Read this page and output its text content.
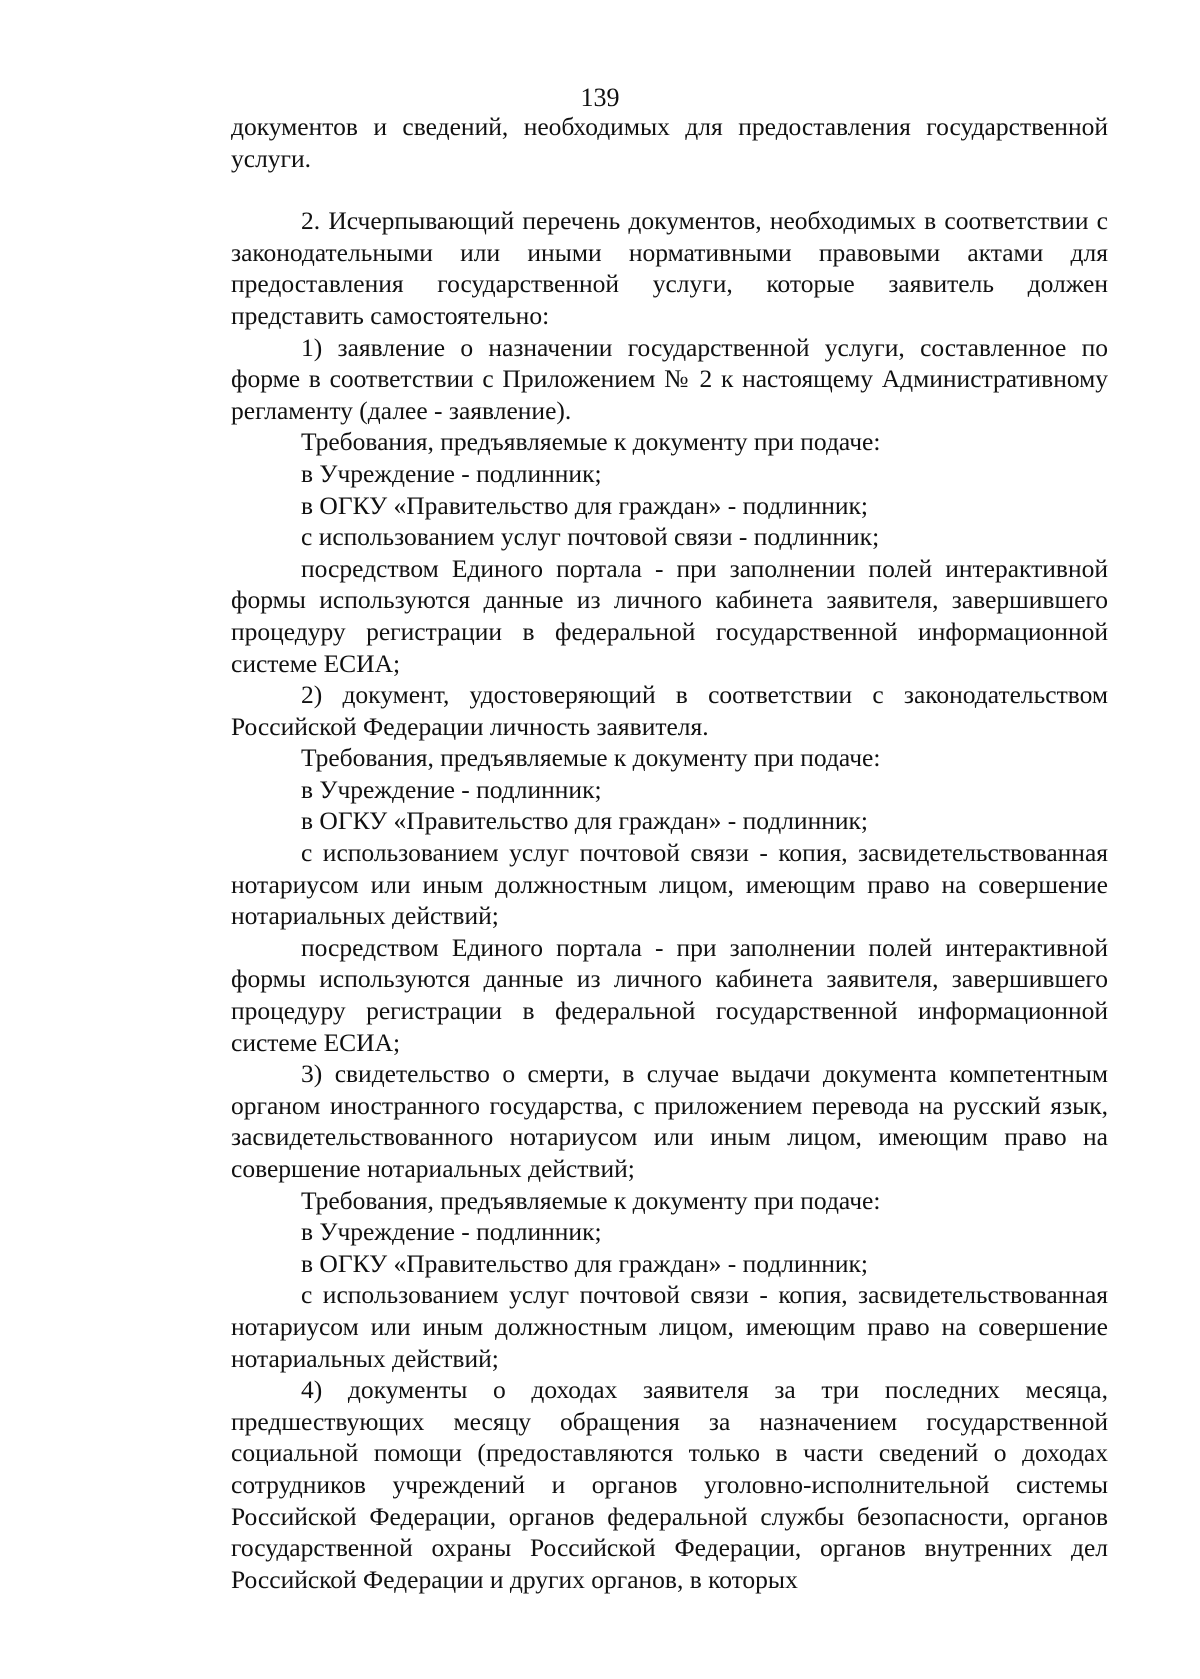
139

документов и сведений, необходимых для предоставления государственной услуги.

2. Исчерпывающий перечень документов, необходимых в соответствии с законодательными или иными нормативными правовыми актами для предоставления государственной услуги, которые заявитель должен представить самостоятельно:

1) заявление о назначении государственной услуги, составленное по форме в соответствии с Приложением № 2 к настоящему Административному регламенту (далее - заявление).

Требования, предъявляемые к документу при подаче:

в Учреждение - подлинник;

в ОГКУ «Правительство для граждан» - подлинник;

с использованием услуг почтовой связи - подлинник;

посредством Единого портала - при заполнении полей интерактивной формы используются данные из личного кабинета заявителя, завершившего процедуру регистрации в федеральной государственной информационной системе ЕСИА;

2) документ, удостоверяющий в соответствии с законодательством Российской Федерации личность заявителя.

Требования, предъявляемые к документу при подаче:

в Учреждение - подлинник;

в ОГКУ «Правительство для граждан» - подлинник;

с использованием услуг почтовой связи - копия, засвидетельствованная нотариусом или иным должностным лицом, имеющим право на совершение нотариальных действий;

посредством Единого портала - при заполнении полей интерактивной формы используются данные из личного кабинета заявителя, завершившего процедуру регистрации в федеральной государственной информационной системе ЕСИА;

3) свидетельство о смерти, в случае выдачи документа компетентным органом иностранного государства, с приложением перевода на русский язык, засвидетельствованного нотариусом или иным лицом, имеющим право на совершение нотариальных действий;

Требования, предъявляемые к документу при подаче:

в Учреждение - подлинник;

в ОГКУ «Правительство для граждан» - подлинник;

с использованием услуг почтовой связи - копия, засвидетельствованная нотариусом или иным должностным лицом, имеющим право на совершение нотариальных действий;

4) документы о доходах заявителя за три последних месяца, предшествующих месяцу обращения за назначением государственной социальной помощи (предоставляются только в части сведений о доходах сотрудников учреждений и органов уголовно-исполнительной системы Российской Федерации, органов федеральной службы безопасности, органов государственной охраны Российской Федерации, органов внутренних дел Российской Федерации и других органов, в которых
